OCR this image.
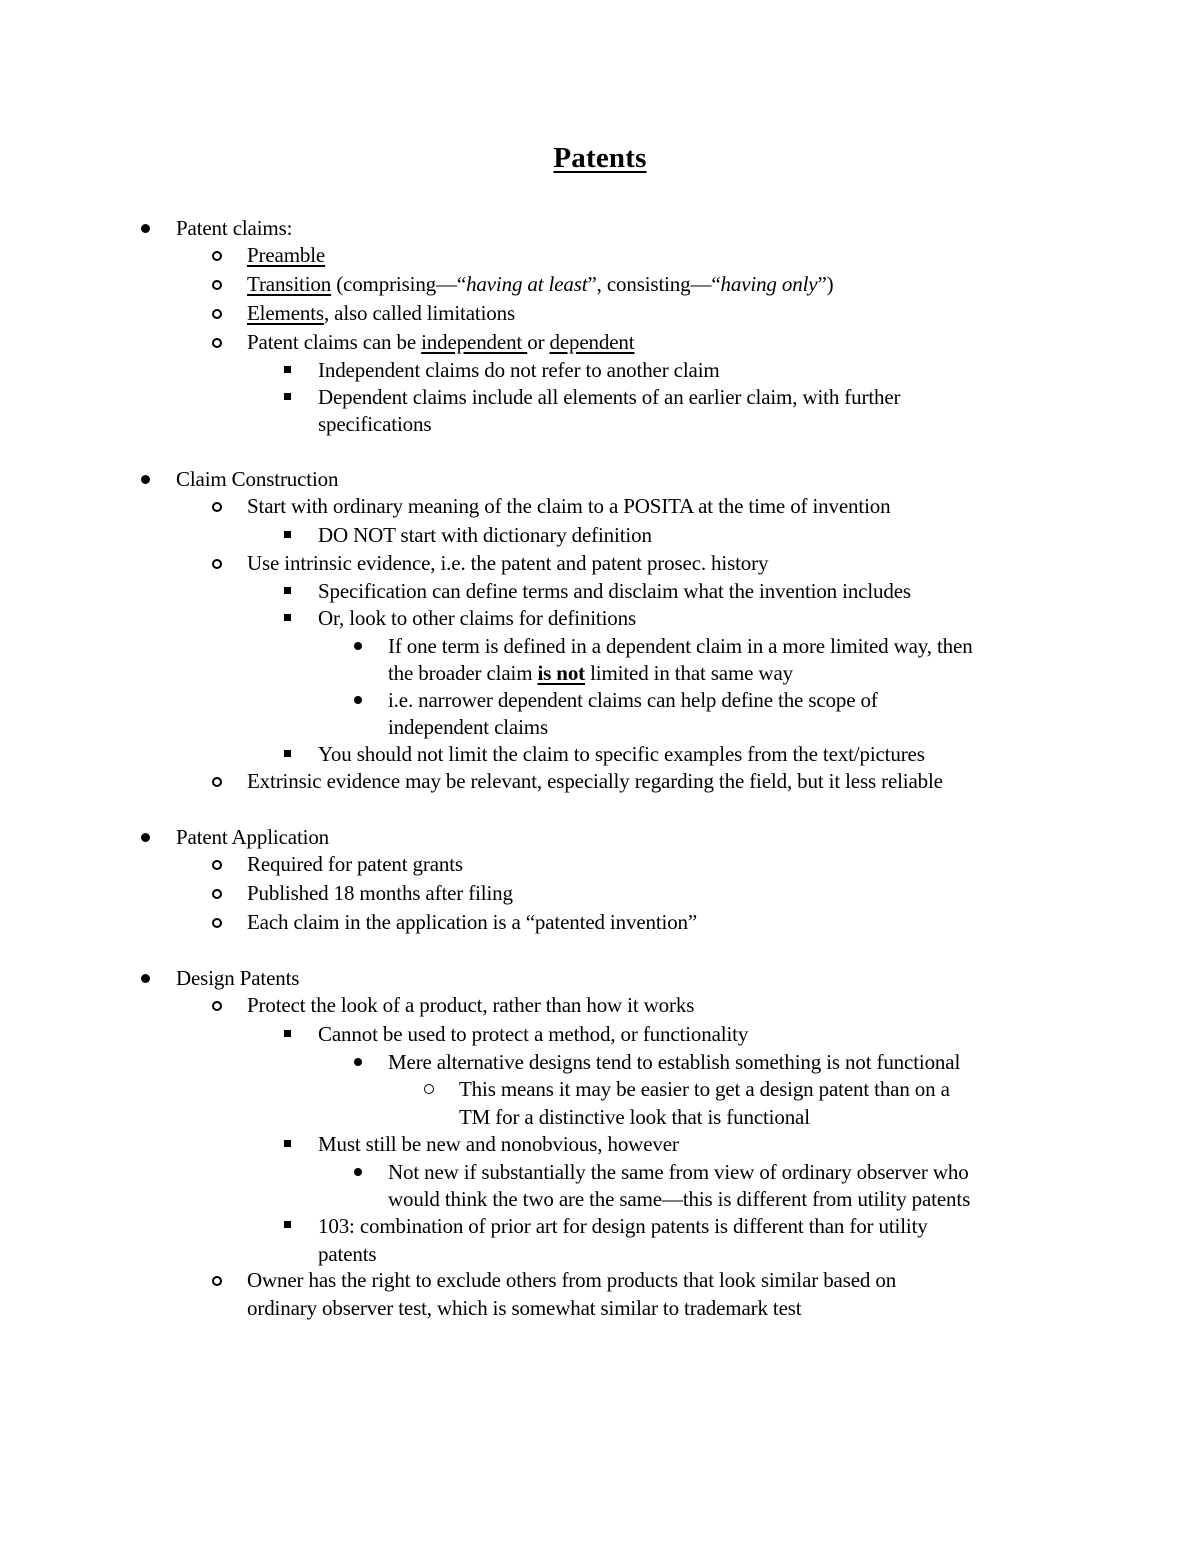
Patents
Patent claims:
Preamble
Transition (comprising—“having at least”, consisting—“having only”)
Elements, also called limitations
Patent claims can be independent or dependent
Independent claims do not refer to another claim
Dependent claims include all elements of an earlier claim, with further
specifications
Claim Construction
Start with ordinary meaning of the claim to a POSITA at the time of invention
DO NOT start with dictionary definition
Use intrinsic evidence, i.e. the patent and patent prosec. history
Specification can define terms and disclaim what the invention includes
Or, look to other claims for definitions
If one term is defined in a dependent claim in a more limited way, then
the broader claim is not limited in that same way
i.e. narrower dependent claims can help define the scope of
independent claims
You should not limit the claim to specific examples from the text/pictures
Extrinsic evidence may be relevant, especially regarding the field, but it less reliable
Patent Application
Required for patent grants
Published 18 months after filing
Each claim in the application is a “patented invention”
Design Patents
Protect the look of a product, rather than how it works
Cannot be used to protect a method, or functionality
Mere alternative designs tend to establish something is not functional
This means it may be easier to get a design patent than on a
TM for a distinctive look that is functional
Must still be new and nonobvious, however
Not new if substantially the same from view of ordinary observer who
would think the two are the same—this is different from utility patents
103: combination of prior art for design patents is different than for utility
patents
Owner has the right to exclude others from products that look similar based on
ordinary observer test, which is somewhat similar to trademark test
